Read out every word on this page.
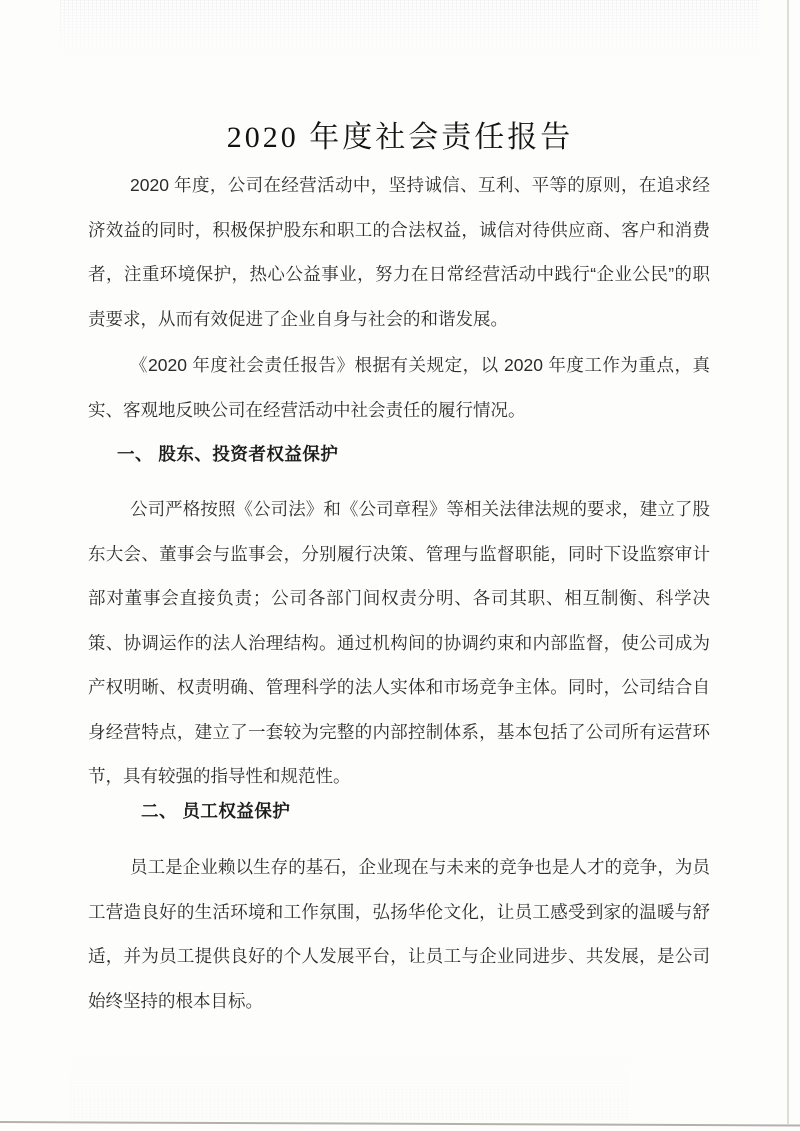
2020 年度社会责任报告

2020 年度，公司在经营活动中，坚持诚信、互利、平等的原则，在追求经济效益的同时，积极保护股东和职工的合法权益，诚信对待供应商、客户和消费者，注重环境保护，热心公益事业，努力在日常经营活动中践行“企业公民”的职责要求，从而有效促进了企业自身与社会的和谐发展。

《2020 年度社会责任报告》根据有关规定，以 2020 年度工作为重点，真实、客观地反映公司在经营活动中社会责任的履行情况。

一、 股东、投资者权益保护

公司严格按照《公司法》和《公司章程》等相关法律法规的要求，建立了股东大会、董事会与监事会，分别履行决策、管理与监督职能，同时下设监察审计部对董事会直接负责；公司各部门间权责分明、各司其职、相互制衡、科学决策、协调运作的法人治理结构。通过机构间的协调约束和内部监督，使公司成为产权明晰、权责明确、管理科学的法人实体和市场竞争主体。同时，公司结合自身经营特点，建立了一套较为完整的内部控制体系，基本包括了公司所有运营环节，具有较强的指导性和规范性。

二、 员工权益保护

员工是企业赖以生存的基石，企业现在与未来的竞争也是人才的竞争，为员工营造良好的生活环境和工作氛围，弘扬华伦文化，让员工感受到家的温暖与舒适，并为员工提供良好的个人发展平台，让员工与企业同进步、共发展，是公司始终坚持的根本目标。
